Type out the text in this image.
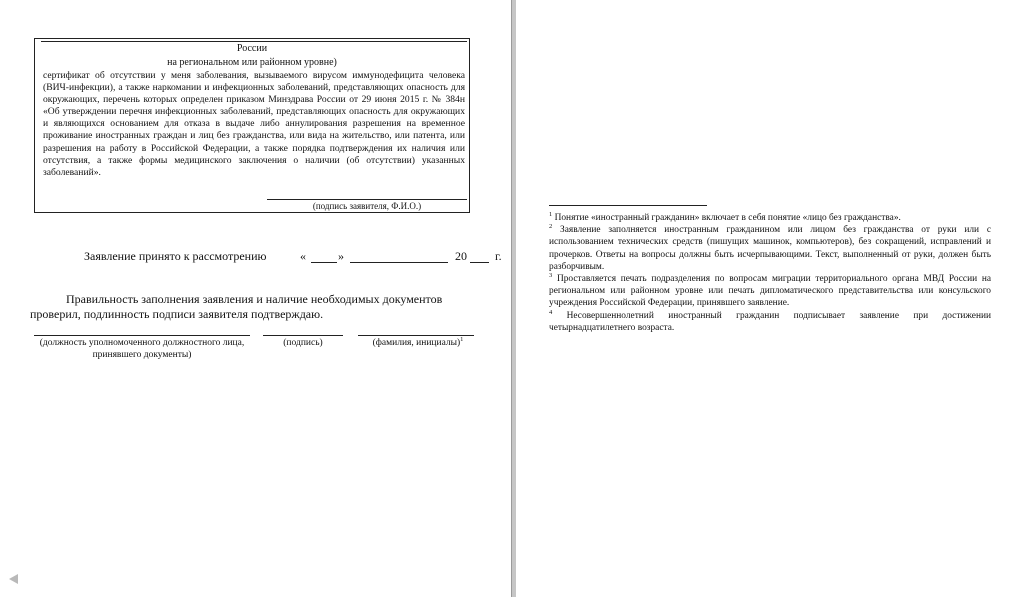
России
на региональном или районном уровне)
сертификат об отсутствии у меня заболевания, вызываемого вирусом иммунодефицита человека (ВИЧ-инфекции), а также наркомании и инфекционных заболеваний, представляющих опасность для окружающих, перечень которых определен приказом Минздрава России от 29 июня 2015 г. № 384н «Об утверждении перечня инфекционных заболеваний, представляющих опасность для окружающих и являющихся основанием для отказа в выдаче либо аннулирования разрешения на временное проживание иностранных граждан и лиц без гражданства, или вида на жительство, или патента, или разрешения на работу в Российской Федерации, а также порядка подтверждения их наличия или отсутствия, а также формы медицинского заключения о наличии (об отсутствии) указанных заболеваний».
(подпись заявителя, Ф.И.О.)
Заявление принято к рассмотрению	«	»	20 г.
Правильность заполнения заявления и наличие необходимых документов
проверил, подлинность подписи заявителя подтверждаю.
(должность уполномоченного должностного лица, принявшего документы)
(подпись)	(фамилия, инициалы)$^1$

$^1$ Понятие «иностранный гражданин» включает в себя понятие «лицо без гражданства».

$^2$ Заявление заполняется иностранным гражданином или лицом без гражданства от руки или с использованием технических средств (пишущих машинок, компьютеров), без сокращений, исправлений и прочерков. Ответы на вопросы должны быть исчерпывающими. Текст, выполненный от руки, должен быть разборчивым.

$^3$ Проставляется печать подразделения по вопросам миграции территориального органа МВД России на региональном или районном уровне или печать дипломатического представительства или консульского учреждения Российской Федерации, принявшего заявление.

$^4$ Несовершеннолетний иностранный гражданин подписывает заявление при достижении четырнадцатилетнего возраста.
